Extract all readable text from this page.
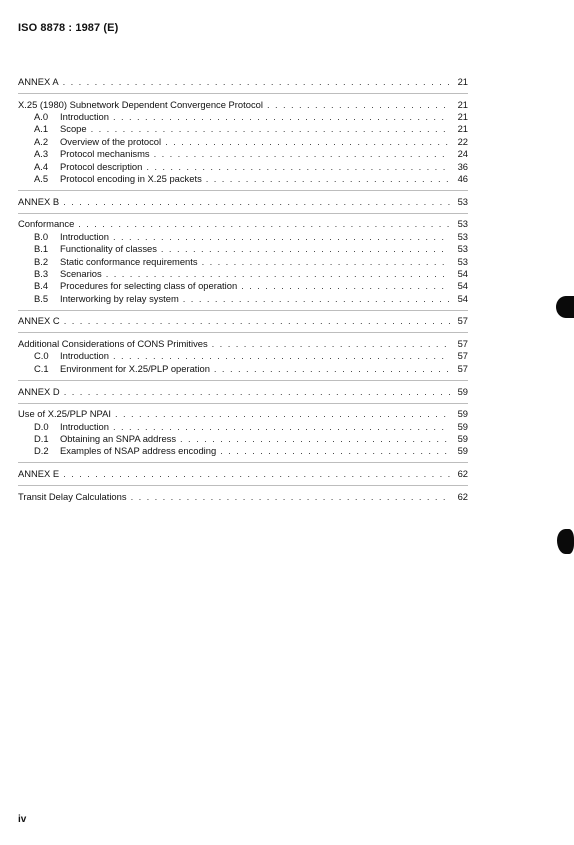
ISO 8878 : 1987 (E)
ANNEX A . . .	21
X.25 (1980) Subnetwork Dependent Convergence Protocol . . .	21
A.0	Introduction . . .	21
A.1	Scope . . .	21
A.2	Overview of the protocol . . .	22
A.3	Protocol mechanisms . . .	24
A.4	Protocol description . . .	36
A.5	Protocol encoding in X.25 packets . . .	46
ANNEX B . . .	53
Conformance . . .	53
B.0	Introduction . . .	53
B.1	Functionality of classes . . .	53
B.2	Static conformance requirements . . .	53
B.3	Scenarios . . .	54
B.4	Procedures for selecting class of operation . . .	54
B.5	Interworking by relay system . . .	54
ANNEX C . . .	57
Additional Considerations of CONS Primitives . . .	57
C.0	Introduction . . .	57
C.1	Environment for X.25/PLP operation . . .	57
ANNEX D . . .	59
Use of X.25/PLP NPAI . . .	59
D.0	Introduction . . .	59
D.1	Obtaining an SNPA address . . .	59
D.2	Examples of NSAP address encoding . . .	59
ANNEX E . . .	62
Transit Delay Calculations . . .	62
iv
